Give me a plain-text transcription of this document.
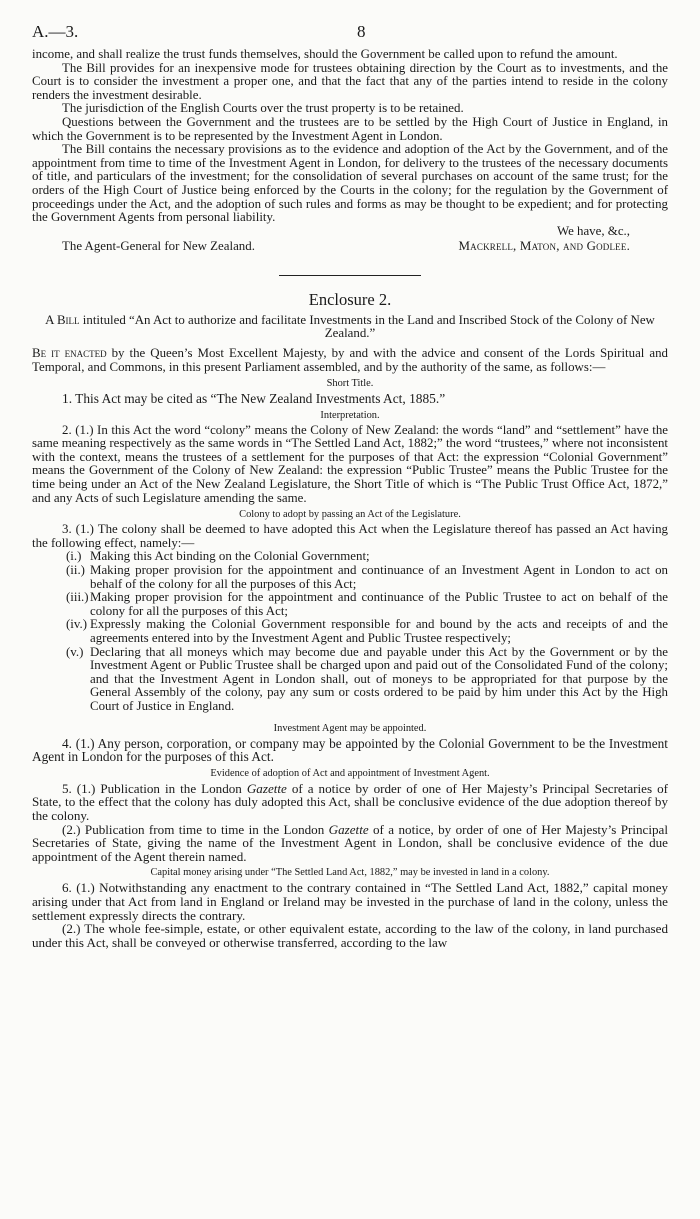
A.—3.	8

income, and shall realize the trust funds themselves, should the Government be called upon to refund the amount.

The Bill provides for an inexpensive mode for trustees obtaining direction by the Court as to investments, and the Court is to consider the investment a proper one, and that the fact that any of the parties intend to reside in the colony renders the investment desirable.

The jurisdiction of the English Courts over the trust property is to be retained.

Questions between the Government and the trustees are to be settled by the High Court of Justice in England, in which the Government is to be represented by the Investment Agent in London.

The Bill contains the necessary provisions as to the evidence and adoption of the Act by the Government, and of the appointment from time to time of the Investment Agent in London, for delivery to the trustees of the necessary documents of title, and particulars of the investment; for the consolidation of several purchases on account of the same trust; for the orders of the High Court of Justice being enforced by the Courts in the colony; for the regulation by the Government of proceedings under the Act, and the adoption of such rules and forms as may be thought to be expedient; and for protecting the Government Agents from personal liability.

We have, &c.,
The Agent-General for New Zealand.	Mackrell, Maton, and Godlee.
Enclosure 2.

A Bill intituled “An Act to authorize and facilitate Investments in the Land and Inscribed Stock of the Colony of New Zealand.”

Be it enacted by the Queen’s Most Excellent Majesty, by and with the advice and consent of the Lords Spiritual and Temporal, and Commons, in this present Parliament assembled, and by the authority of the same, as follows:—

Short Title.

1. This Act may be cited as “The New Zealand Investments Act, 1885.”

Interpretation.

2. (1.) In this Act the word “colony” means the Colony of New Zealand: the words “land” and “settlement” have the same meaning respectively as the same words in “The Settled Land Act, 1882;” the word “trustees,” where not inconsistent with the context, means the trustees of a settlement for the purposes of that Act: the expression “Colonial Government” means the Government of the Colony of New Zealand: the expression “Public Trustee” means the Public Trustee for the time being under an Act of the New Zealand Legislature, the Short Title of which is “The Public Trust Office Act, 1872,” and any Acts of such Legislature amending the same.

Colony to adopt by passing an Act of the Legislature.

3. (1.) The colony shall be deemed to have adopted this Act when the Legislature thereof has passed an Act having the following effect, namely:—

(i.) Making this Act binding on the Colonial Government;

(ii.) Making proper provision for the appointment and continuance of an Investment Agent in London to act on behalf of the colony for all the purposes of this Act;

(iii.)Making proper provision for the appointment and continuance of the Public Trustee to act on behalf of the colony for all the purposes of this Act;

(iv.) Expressly making the Colonial Government responsible for and bound by the acts and receipts of and the agreements entered into by the Investment Agent and Public Trustee respectively;

(v.) Declaring that all moneys which may become due and payable under this Act by the Government or by the Investment Agent or Public Trustee shall be charged upon and paid out of the Consolidated Fund of the colony; and that the Investment Agent in London shall, out of moneys to be appropriated for that purpose by the General Assembly of the colony, pay any sum or costs ordered to be paid by him under this Act by the High Court of Justice in England.

Investment Agent may be appointed.

4. (1.) Any person, corporation, or company may be appointed by the Colonial Government to be the Investment Agent in London for the purposes of this Act.

Evidence of adoption of Act and appointment of Investment Agent.

5. (1.) Publication in the London Gazette of a notice by order of one of Her Majesty’s Principal Secretaries of State, to the effect that the colony has duly adopted this Act, shall be conclusive evidence of the due adoption thereof by the colony.

(2.) Publication from time to time in the London Gazette of a notice, by order of one of Her Majesty’s Principal Secretaries of State, giving the name of the Investment Agent in London, shall be conclusive evidence of the due appointment of the Agent therein named.

Capital money arising under “The Settled Land Act, 1882,” may be invested in land in a colony.

6. (1.) Notwithstanding any enactment to the contrary contained in “The Settled Land Act, 1882,” capital money arising under that Act from land in England or Ireland may be invested in the purchase of land in the colony, unless the settlement expressly directs the contrary.

(2.) The whole fee-simple, estate, or other equivalent estate, according to the law of the colony, in land purchased under this Act, shall be conveyed or otherwise transferred, according to the law
